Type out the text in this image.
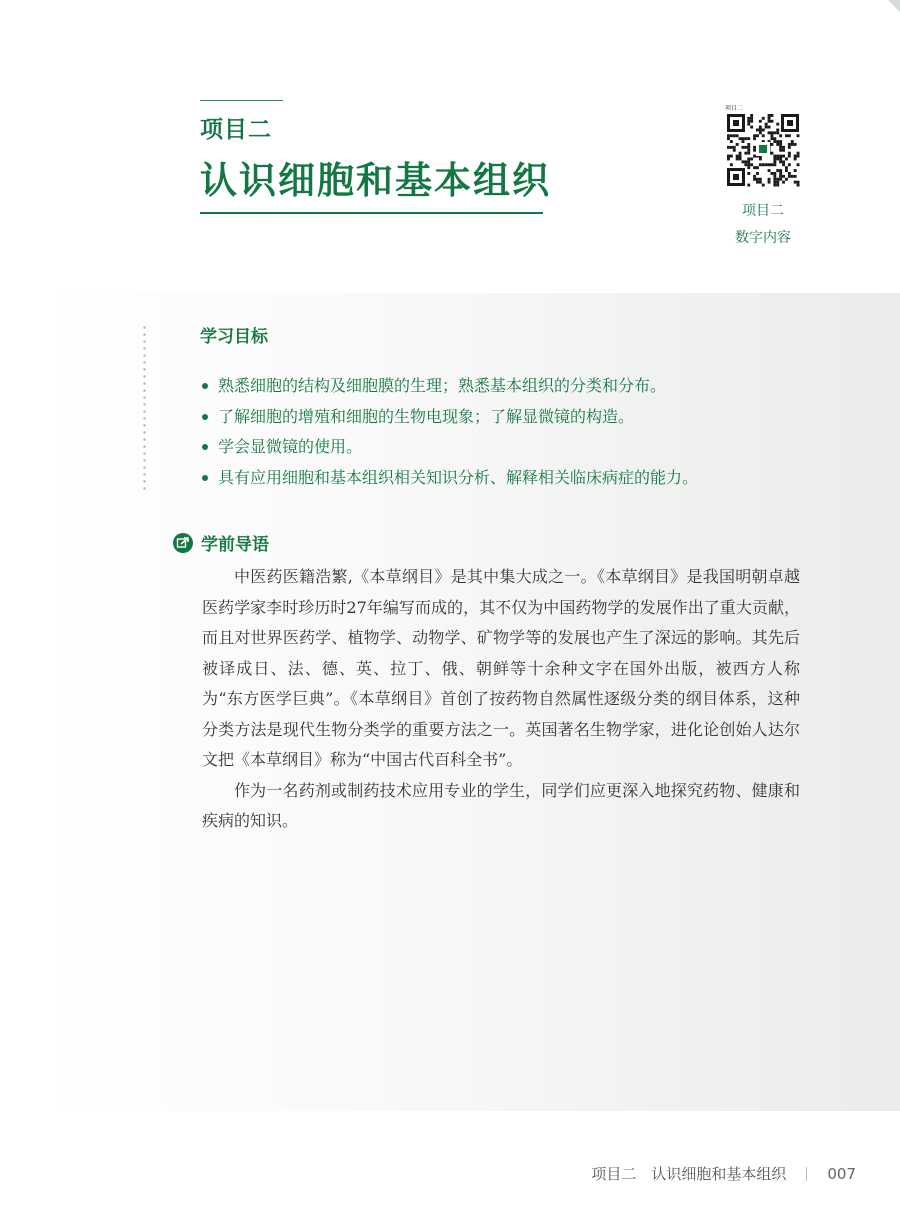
项目二
认识细胞和基本组织
项目二
项目二
数字内容
学习目标
熟悉细胞的结构及细胞膜的生理；熟悉基本组织的分类和分布。
了解细胞的增殖和细胞的生物电现象；了解显微镜的构造。
学会显微镜的使用。
具有应用细胞和基本组织相关知识分析、解释相关临床病症的能力。
学前导语

中医药医籍浩繁,《本草纲目》是其中集大成之一。《本草纲目》是我国明朝卓越医药学家李时珍历时27年编写而成的，其不仅为中国药物学的发展作出了重大贡献，而且对世界医药学、植物学、动物学、矿物学等的发展也产生了深远的影响。其先后被译成日、法、德、英、拉丁、俄、朝鲜等十余种文字在国外出版，被西方人称为“东方医学巨典”。《本草纲目》首创了按药物自然属性逐级分类的纲目体系，这种分类方法是现代生物分类学的重要方法之一。英国著名生物学家，进化论创始人达尔文把《本草纲目》称为“中国古代百科全书”。

作为一名药剂或制药技术应用专业的学生，同学们应更深入地探究药物、健康和疾病的知识。

项目二　认识细胞和基本组织	007
